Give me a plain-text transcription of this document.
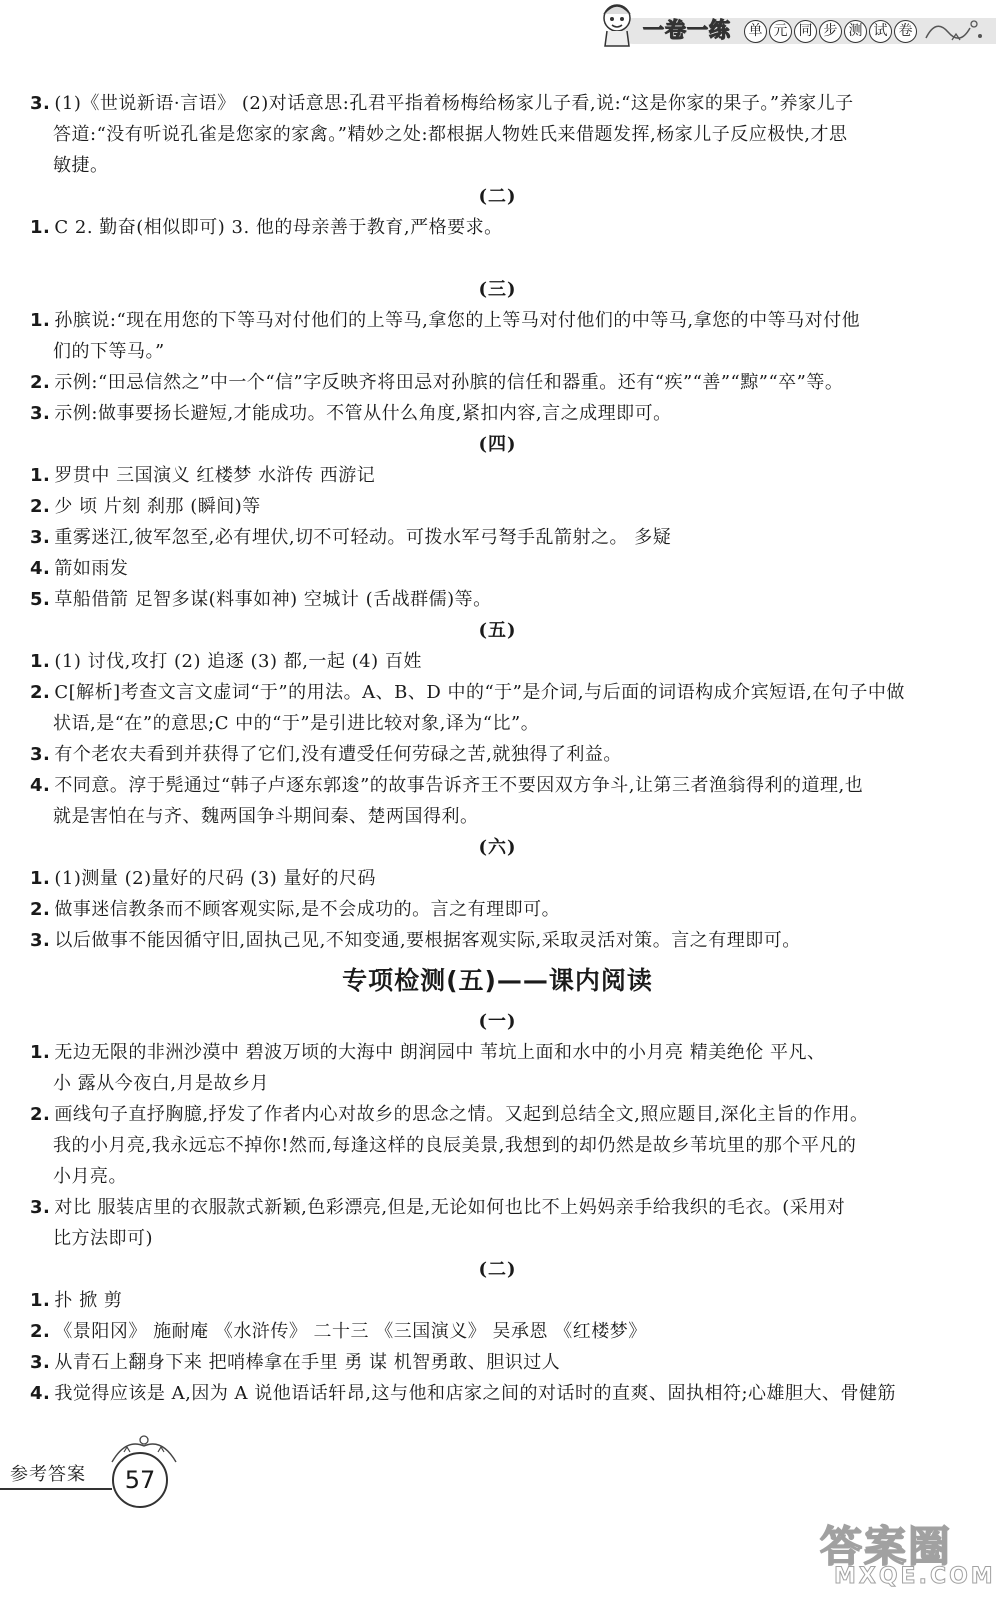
一卷一练	单 元 同 步 测 试 卷
3. (1)《世说新语·言语》 (2)对话意思:孔君平指着杨梅给杨家儿子看,说:“这是你家的果子。”养家儿子
答道:“没有听说孔雀是您家的家禽。”精妙之处:都根据人物姓氏来借题发挥,杨家儿子反应极快,才思
敏捷。
(二)
1. C 2. 勤奋(相似即可) 3. 他的母亲善于教育,严格要求。
(三)
1. 孙膑说:“现在用您的下等马对付他们的上等马,拿您的上等马对付他们的中等马,拿您的中等马对付他
们的下等马。”
2. 示例:“田忌信然之”中一个“信”字反映齐将田忌对孙膑的信任和器重。还有“疾”“善”“黥”“卒”等。
3. 示例:做事要扬长避短,才能成功。不管从什么角度,紧扣内容,言之成理即可。
(四)
1. 罗贯中 三国演义 红楼梦 水浒传 西游记
2. 少 顷 片刻 刹那 (瞬间)等
3. 重雾迷江,彼军忽至,必有埋伏,切不可轻动。可拨水军弓弩手乱箭射之。 多疑
4. 箭如雨发
5. 草船借箭 足智多谋(料事如神) 空城计 (舌战群儒)等。
(五)
1. (1) 讨伐,攻打 (2) 追逐 (3) 都,一起 (4) 百姓
2. C[解析]考查文言文虚词“于”的用法。A、B、D 中的“于”是介词,与后面的词语构成介宾短语,在句子中做
状语,是“在”的意思;C 中的“于”是引进比较对象,译为“比”。
3. 有个老农夫看到并获得了它们,没有遭受任何劳碌之苦,就独得了利益。
4. 不同意。淳于髡通过“韩子卢逐东郭逡”的故事告诉齐王不要因双方争斗,让第三者渔翁得利的道理,也
就是害怕在与齐、魏两国争斗期间秦、楚两国得利。
(六)
1. (1)测量 (2)量好的尺码 (3) 量好的尺码
2. 做事迷信教条而不顾客观实际,是不会成功的。言之有理即可。
3. 以后做事不能因循守旧,固执己见,不知变通,要根据客观实际,采取灵活对策。言之有理即可。
专项检测(五)——课内阅读
(一)
1. 无边无限的非洲沙漠中 碧波万顷的大海中 朗润园中 苇坑上面和水中的小月亮 精美绝伦 平凡、
小 露从今夜白,月是故乡月
2. 画线句子直抒胸臆,抒发了作者内心对故乡的思念之情。又起到总结全文,照应题目,深化主旨的作用。
我的小月亮,我永远忘不掉你!然而,每逢这样的良辰美景,我想到的却仍然是故乡苇坑里的那个平凡的
小月亮。
3. 对比 服装店里的衣服款式新颖,色彩漂亮,但是,无论如何也比不上妈妈亲手给我织的毛衣。(采用对
比方法即可)
(二)
1. 扑 掀 剪
2. 《景阳冈》 施耐庵 《水浒传》 二十三 《三国演义》 吴承恩 《红楼梦》
3. 从青石上翻身下来 把哨棒拿在手里 勇 谋 机智勇敢、胆识过人
4. 我觉得应该是 A,因为 A 说他语话轩昂,这与他和店家之间的对话时的直爽、固执相符;心雄胆大、骨健筋
参考答案	57
答案圈
MXQE.COM
